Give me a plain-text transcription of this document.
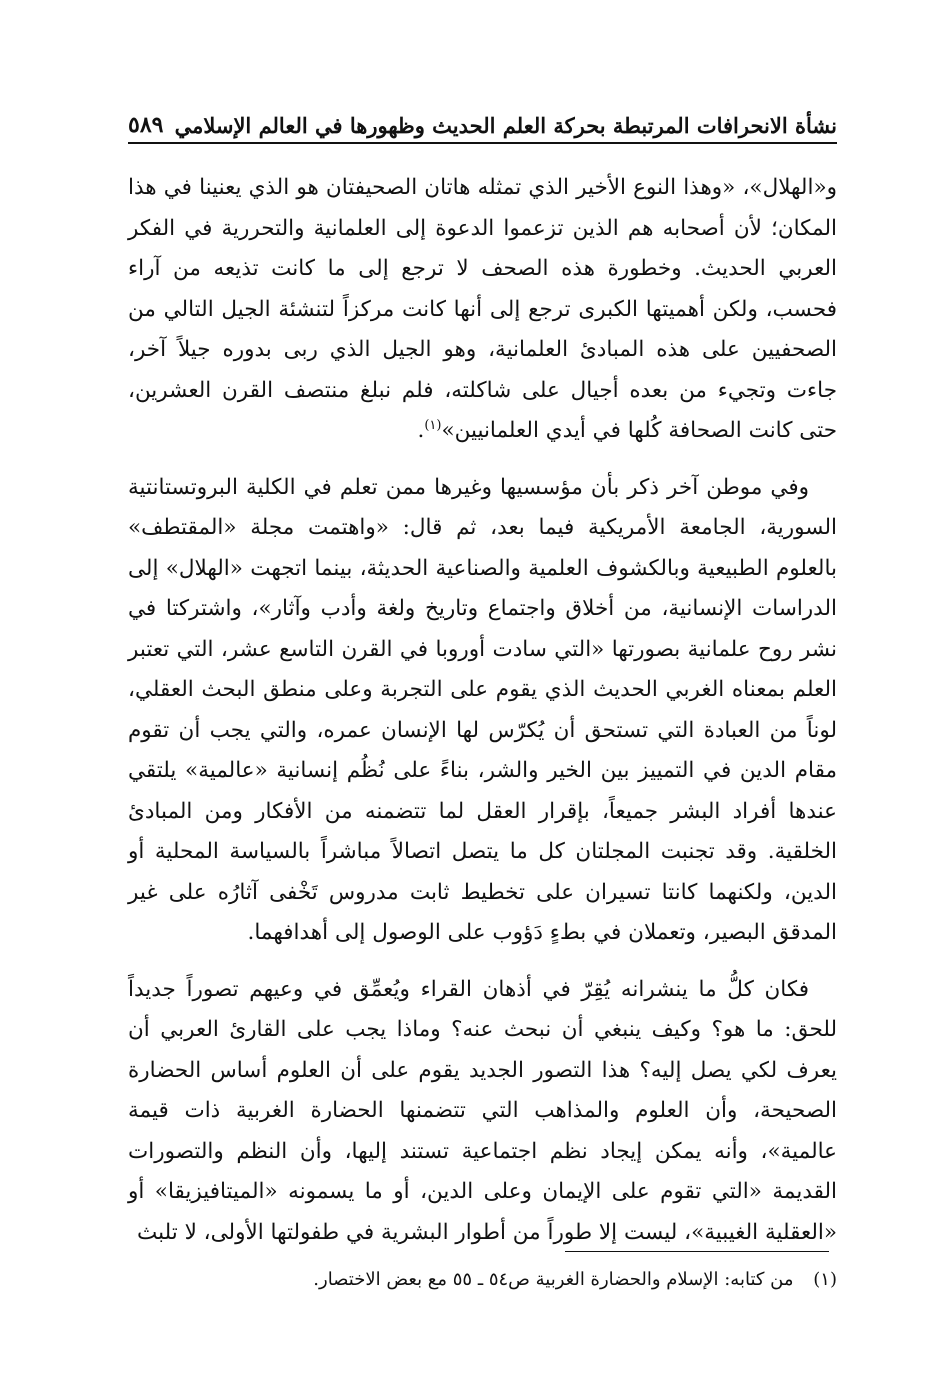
نشأة الانحرافات المرتبطة بحركة العلم الحديث وظهورها في العالم الإسلامي
٥٨٩

و«الهلال»، «وهذا النوع الأخير الذي تمثله هاتان الصحيفتان هو الذي يعنينا في هذا المكان؛ لأن أصحابه هم الذين تزعموا الدعوة إلى العلمانية والتحررية في الفكر العربي الحديث. وخطورة هذه الصحف لا ترجع إلى ما كانت تذيعه من آراء فحسب، ولكن أهميتها الكبرى ترجع إلى أنها كانت مركزاً لتنشئة الجيل التالي من الصحفيين على هذه المبادئ العلمانية، وهو الجيل الذي ربى بدوره جيلاً آخر، جاءت وتجيء من بعده أجيال على شاكلته، فلم نبلغ منتصف القرن العشرين، حتى كانت الصحافة كُلها في أيدي العلمانيين»$^{(١)}$.

وفي موطن آخر ذكر بأن مؤسسيها وغيرها ممن تعلم في الكلية البروتستانتية السورية، الجامعة الأمريكية فيما بعد، ثم قال: «واهتمت مجلة «المقتطف» بالعلوم الطبيعية وبالكشوف العلمية والصناعية الحديثة، بينما اتجهت «الهلال» إلى الدراسات الإنسانية، من أخلاق واجتماع وتاريخ ولغة وأدب وآثار»، واشتركتا في نشر روح علمانية بصورتها «التي سادت أوروبا في القرن التاسع عشر، التي تعتبر العلم بمعناه الغربي الحديث الذي يقوم على التجربة وعلى منطق البحث العقلي، لوناً من العبادة التي تستحق أن يُكرّس لها الإنسان عمره، والتي يجب أن تقوم مقام الدين في التمييز بين الخير والشر، بناءً على نُظُم إنسانية «عالمية» يلتقي عندها أفراد البشر جميعاً، بإقرار العقل لما تتضمنه من الأفكار ومن المبادئ الخلقية. وقد تجنبت المجلتان كل ما يتصل اتصالاً مباشراً بالسياسة المحلية أو الدين، ولكنهما كانتا تسيران على تخطيط ثابت مدروس تَخْفى آثارُه على غير المدقق البصير، وتعملان في بطءٍ دَؤوب على الوصول إلى أهدافهما.

فكان كلُّ ما ينشرانه يُقِرّ في أذهان القراء ويُعمِّق في وعيهم تصوراً جديداً للحق: ما هو؟ وكيف ينبغي أن نبحث عنه؟ وماذا يجب على القارئ العربي أن يعرف لكي يصل إليه؟ هذا التصور الجديد يقوم على أن العلوم أساس الحضارة الصحيحة، وأن العلوم والمذاهب التي تتضمنها الحضارة الغربية ذات قيمة عالمية»، وأنه يمكن إيجاد نظم اجتماعية تستند إليها، وأن النظم والتصورات القديمة «التي تقوم على الإيمان وعلى الدين، أو ما يسمونه «الميتافيزيقا» أو «العقلية الغيبية»، ليست إلا طوراً من أطوار البشرية في طفولتها الأولى، لا تلبث

(١) من كتابه: الإسلام والحضارة الغربية ص٥٤ ـ ٥٥ مع بعض الاختصار.
